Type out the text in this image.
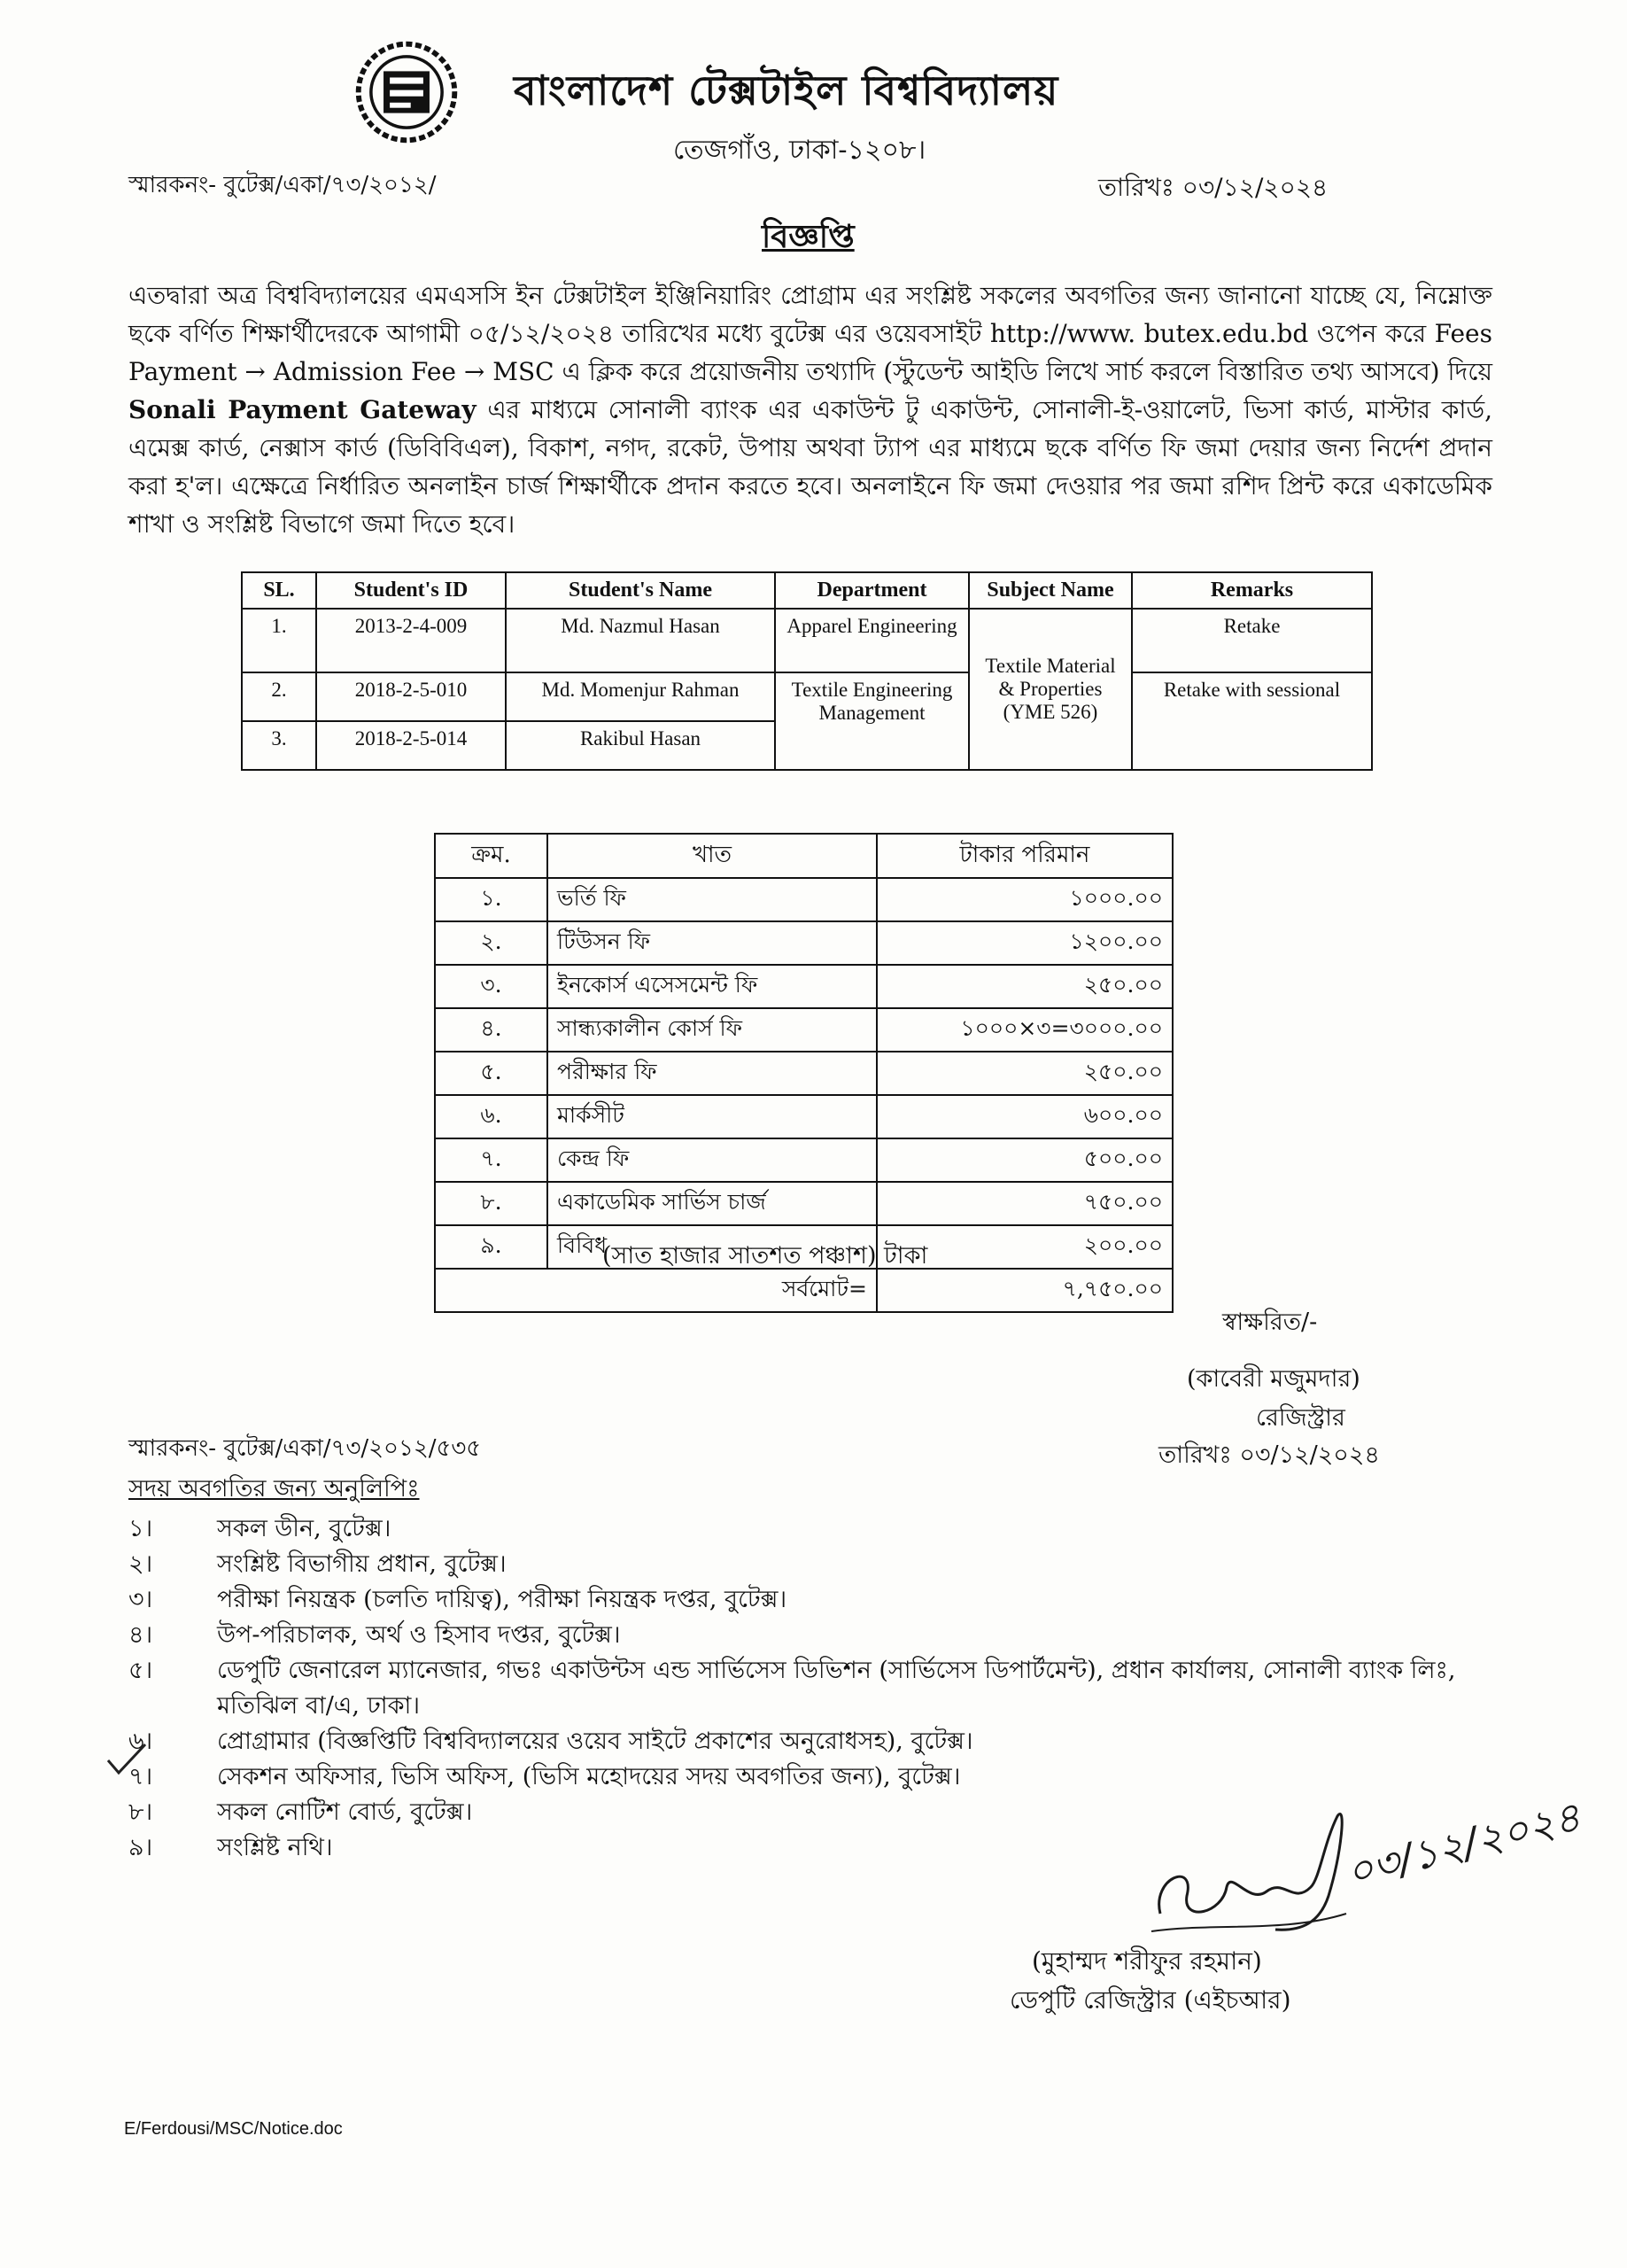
বাংলাদেশ টেক্সটাইল বিশ্ববিদ্যালয়
তেজগাঁও, ঢাকা-১২০৮।
স্মারকনং- বুটেক্স/একা/৭৩/২০১২/	তারিখঃ ০৩/১২/২০২৪
বিজ্ঞপ্তি
এতদ্বারা অত্র বিশ্ববিদ্যালয়ের এমএসসি ইন টেক্সটাইল ইঞ্জিনিয়ারিং প্রোগ্রাম এর সংশ্লিষ্ট সকলের অবগতির জন্য জানানো যাচ্ছে যে, নিম্নোক্ত ছকে বর্ণিত শিক্ষার্থীদেরকে আগামী ০৫/১২/২০২৪ তারিখের মধ্যে বুটেক্স এর ওয়েবসাইট http://www. butex.edu.bd ওপেন করে Fees Payment → Admission Fee → MSC এ ক্লিক করে প্রয়োজনীয় তথ্যাদি (স্টুডেন্ট আইডি লিখে সার্চ করলে বিস্তারিত তথ্য আসবে) দিয়ে Sonali Payment Gateway এর মাধ্যমে সোনালী ব্যাংক এর একাউন্ট টু একাউন্ট, সোনালী-ই-ওয়ালেট, ভিসা কার্ড, মাস্টার কার্ড, এমেক্স কার্ড, নেক্সাস কার্ড (ডিবিবিএল), বিকাশ, নগদ, রকেট, উপায় অথবা ট্যাপ এর মাধ্যমে ছকে বর্ণিত ফি জমা দেয়ার জন্য নির্দেশ প্রদান করা হ'ল। এক্ষেত্রে নির্ধারিত অনলাইন চার্জ শিক্ষার্থীকে প্রদান করতে হবে। অনলাইনে ফি জমা দেওয়ার পর জমা রশিদ প্রিন্ট করে একাডেমিক শাখা ও সংশ্লিষ্ট বিভাগে জমা দিতে হবে।
SL.	Student's ID	Student's Name	Department	Subject Name	Remarks
1.	2013-2-4-009	Md. Nazmul Hasan	Apparel Engineering	Textile Material & Properties (YME 526)	Retake
2.	2018-2-5-010	Md. Momenjur Rahman	Textile Engineering Management		Retake with sessional
3.	2018-2-5-014	Rakibul Hasan			
ক্রম.	খাত	টাকার পরিমান
১.	ভর্তি ফি	১০০০.০০
২.	টিউসন ফি	১২০০.০০
৩.	ইনকোর্স এসেসমেন্ট ফি	২৫০.০০
৪.	সান্ধ্যকালীন কোর্স ফি	১০০০×৩=৩০০০.০০
৫.	পরীক্ষার ফি	২৫০.০০
৬.	মার্কসীট	৬০০.০০
৭.	কেন্দ্র ফি	৫০০.০০
৮.	একাডেমিক সার্ভিস চার্জ	৭৫০.০০
৯.	বিবিধ	২০০.০০
সর্বমোট=		৭,৭৫০.০০
(সাত হাজার সাতশত পঞ্চাশ) টাকা
স্বাক্ষরিত/-
(কাবেরী মজুমদার)
রেজিস্ট্রার
তারিখঃ ০৩/১২/২০২৪
স্মারকনং- বুটেক্স/একা/৭৩/২০১২/৫৩৫
সদয় অবগতির জন্য অনুলিপিঃ
১।	সকল ডীন, বুটেক্স।
২।	সংশ্লিষ্ট বিভাগীয় প্রধান, বুটেক্স।
৩।	পরীক্ষা নিয়ন্ত্রক (চলতি দায়িত্ব), পরীক্ষা নিয়ন্ত্রক দপ্তর, বুটেক্স।
৪।	উপ-পরিচালক, অর্থ ও হিসাব দপ্তর, বুটেক্স।
৫।	ডেপুটি জেনারেল ম্যানেজার, গভঃ একাউন্টস এন্ড সার্ভিসেস ডিভিশন (সার্ভিসেস ডিপার্টমেন্ট), প্রধান কার্যালয়, সোনালী ব্যাংক লিঃ, মতিঝিল বা/এ, ঢাকা।
৬।	প্রোগ্রামার (বিজ্ঞপ্তিটি বিশ্ববিদ্যালয়ের ওয়েব সাইটে প্রকাশের অনুরোধসহ), বুটেক্স।
৭।	সেকশন অফিসার, ভিসি অফিস, (ভিসি মহোদয়ের সদয় অবগতির জন্য), বুটেক্স।
৮।	সকল নোটিশ বোর্ড, বুটেক্স।
৯।	সংশ্লিষ্ট নথি।	০৩/১২/২০২৪
(মুহাম্মদ শরীফুর রহমান)
ডেপুটি রেজিস্ট্রার (এইচআর)
E/Ferdousi/MSC/Notice.doc
